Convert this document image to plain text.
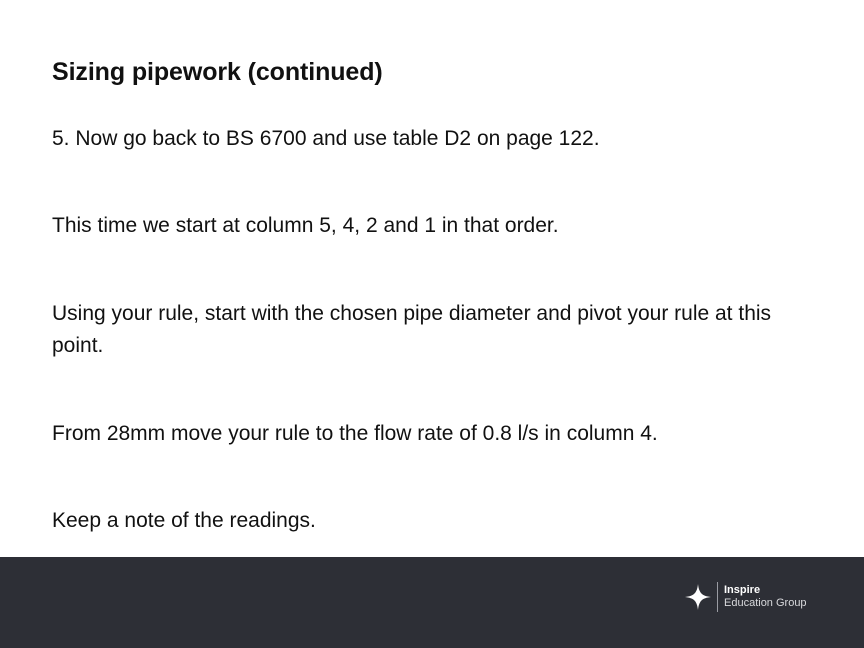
Sizing pipework (continued)

5. Now go back to BS 6700 and use table D2 on page 122.

This time we start at column 5, 4, 2 and 1 in that order.

Using your rule, start with the chosen pipe diameter and pivot your rule at this point.

From 28mm move your rule to the flow rate of 0.8 l/s in column 4.

Keep a note of the readings.

Inspire
Education Group
